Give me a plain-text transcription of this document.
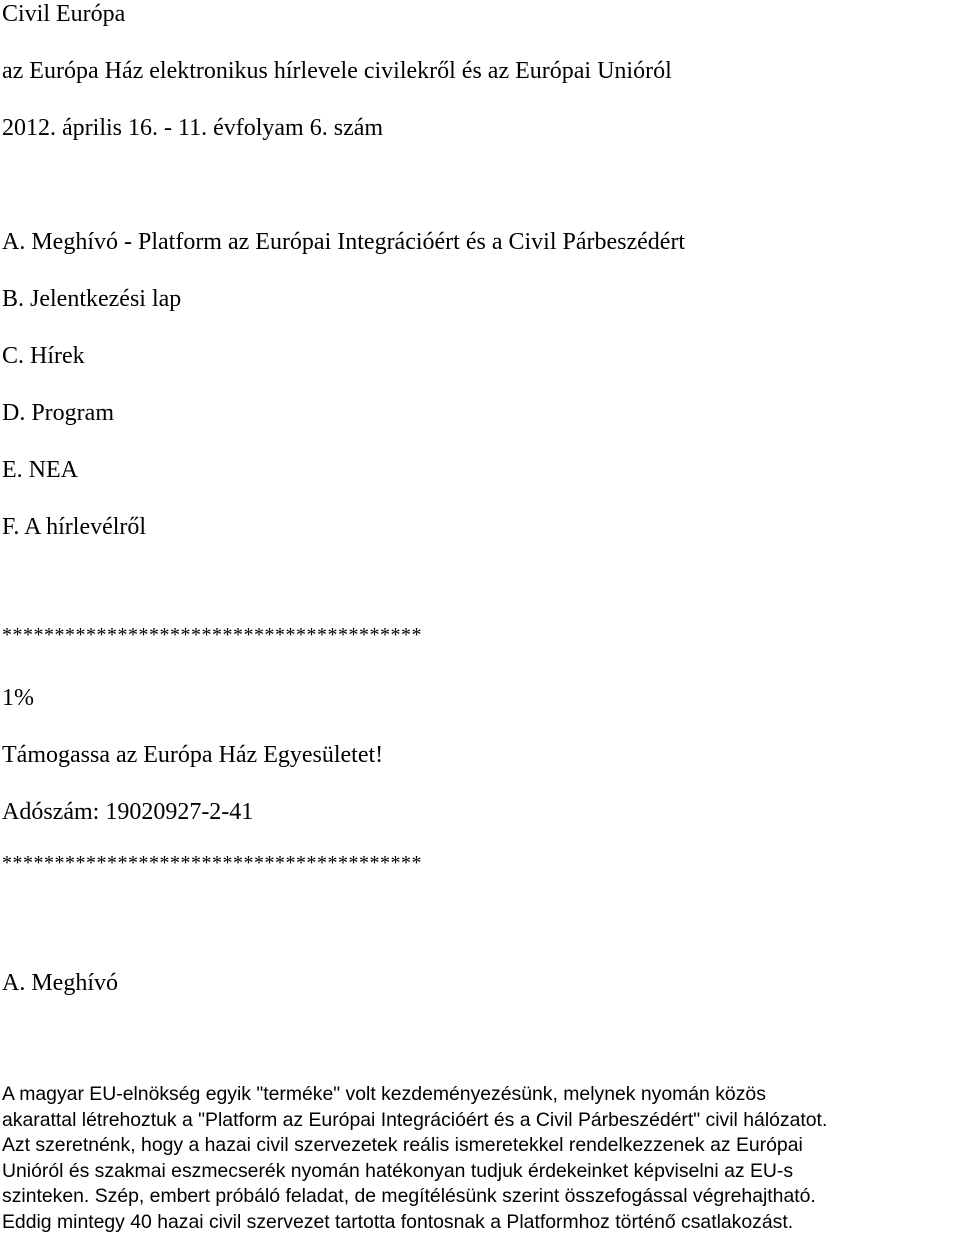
Civil Európa

az Európa Ház elektronikus hírlevele civilekről és az Európai Unióról

2012. április 16. - 11. évfolyam 6. szám

A. Meghívó - Platform az Európai Integrációért és a Civil Párbeszédért

B. Jelentkezési lap

C. Hírek

D. Program

E. NEA

F. A hírlevélről

****************************************

1%

Támogassa az Európa Ház Egyesületet!

Adószám: 19020927-2-41

****************************************

A. Meghívó

A magyar EU-elnökség egyik "terméke" volt kezdeményezésünk, melynek nyomán közös
akarattal létrehoztuk a "Platform az Európai Integrációért és a Civil Párbeszédért" civil hálózatot.
Azt szeretnénk, hogy a hazai civil szervezetek reális ismeretekkel rendelkezzenek az Európai
Unióról és szakmai eszmecserék nyomán hatékonyan tudjuk érdekeinket képviselni az EU-s
szinteken. Szép, embert próbáló feladat, de megítélésünk szerint összefogással végrehajtható.
Eddig mintegy 40 hazai civil szervezet tartotta fontosnak a Platformhoz történő csatlakozást.
